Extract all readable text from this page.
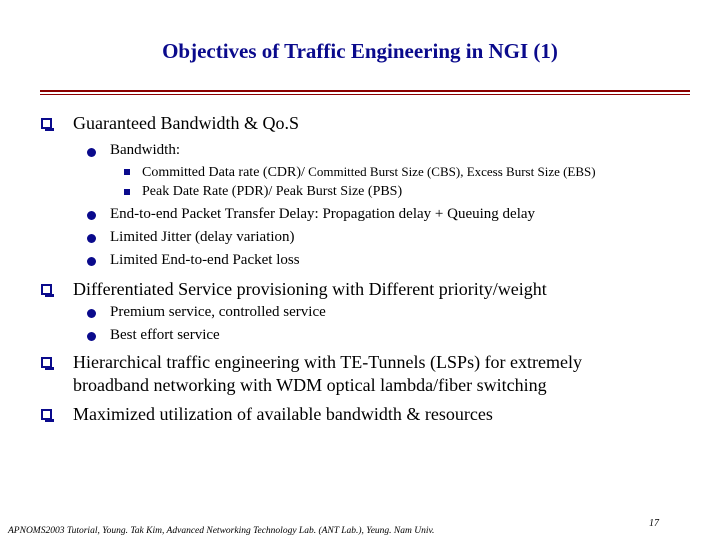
Objectives of Traffic Engineering in NGI (1)
Guaranteed Bandwidth & Qo.S
Bandwidth:
Committed Data rate (CDR)/ Committed Burst Size (CBS), Excess Burst Size (EBS)
Peak Date Rate (PDR)/ Peak Burst Size (PBS)
End-to-end Packet Transfer Delay: Propagation delay + Queuing delay
Limited Jitter (delay variation)
Limited End-to-end Packet loss
Differentiated Service provisioning with Different priority/weight
Premium service, controlled service
Best effort service
Hierarchical traffic engineering with TE-Tunnels (LSPs) for extremely
broadband networking with WDM optical lambda/fiber switching
Maximized utilization of available bandwidth & resources
APNOMS2003 Tutorial, Young. Tak Kim, Advanced Networking Technology Lab. (ANT Lab.), Yeung. Nam Univ.
17
